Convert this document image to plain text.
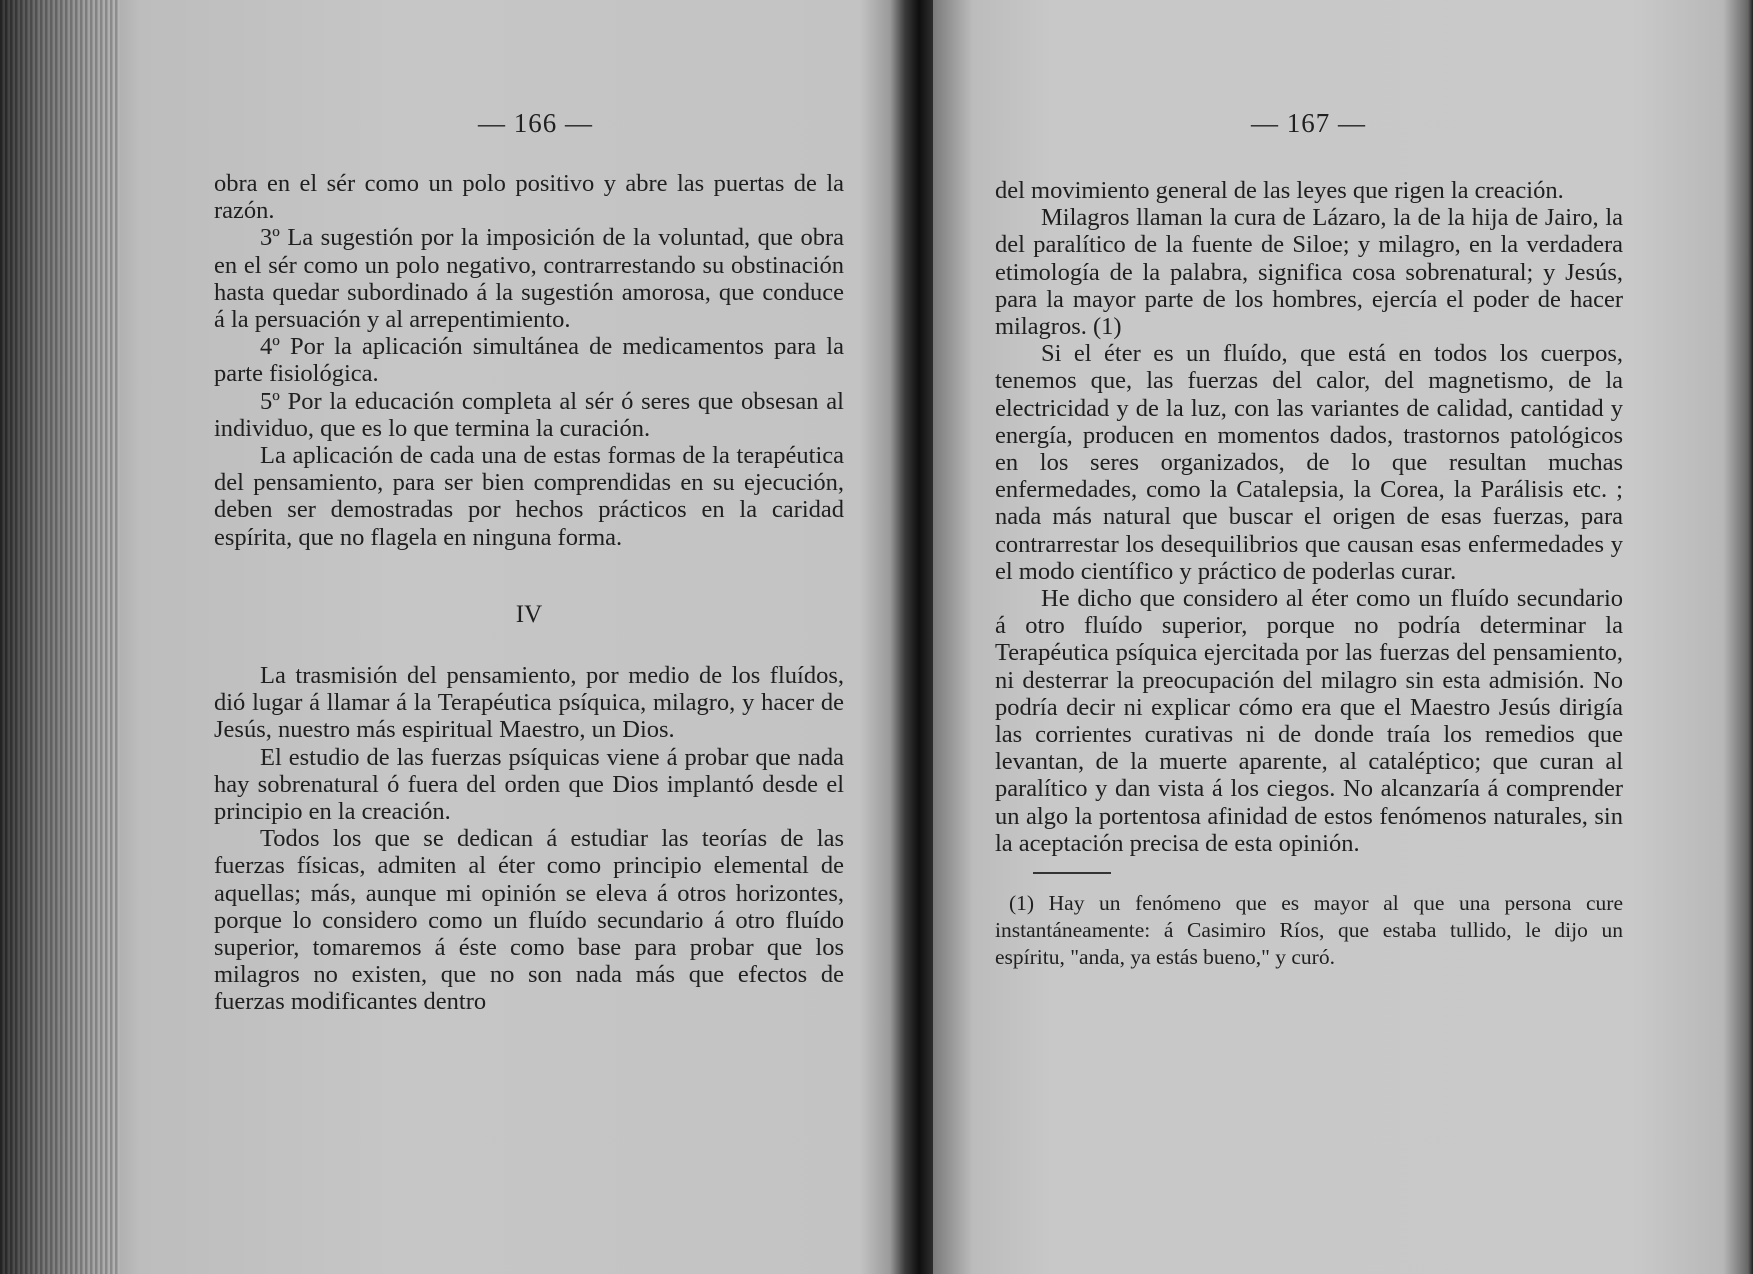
— 166 —

obra en el sér como un polo positivo y abre las puertas de la razón.

3º La sugestión por la imposición de la voluntad, que obra en el sér como un polo negativo, contrarrestando su obstinación hasta quedar subordinado á la sugestión amorosa, que conduce á la persuación y al arrepentimiento.

4º Por la aplicación simultánea de medicamentos para la parte fisiológica.

5º Por la educación completa al sér ó seres que obsesan al individuo, que es lo que termina la curación.

La aplicación de cada una de estas formas de la terapéutica del pensamiento, para ser bien comprendidas en su ejecución, deben ser demostradas por hechos prácticos en la caridad espírita, que no flagela en ninguna forma.

IV

La trasmisión del pensamiento, por medio de los fluídos, dió lugar á llamar á la Terapéutica psíquica, milagro, y hacer de Jesús, nuestro más espiritual Maestro, un Dios.

El estudio de las fuerzas psíquicas viene á probar que nada hay sobrenatural ó fuera del orden que Dios implantó desde el principio en la creación.

Todos los que se dedican á estudiar las teorías de las fuerzas físicas, admiten al éter como principio elemental de aquellas; más, aunque mi opinión se eleva á otros horizontes, porque lo considero como un fluído secundario á otro fluído superior, tomaremos á éste como base para probar que los milagros no existen, que no son nada más que efectos de fuerzas modificantes dentro

— 167 —

del movimiento general de las leyes que rigen la creación.

Milagros llaman la cura de Lázaro, la de la hija de Jairo, la del paralítico de la fuente de Siloe; y milagro, en la verdadera etimología de la palabra, significa cosa sobrenatural; y Jesús, para la mayor parte de los hombres, ejercía el poder de hacer milagros. (1)

Si el éter es un fluído, que está en todos los cuerpos, tenemos que, las fuerzas del calor, del magnetismo, de la electricidad y de la luz, con las variantes de calidad, cantidad y energía, producen en momentos dados, trastornos patológicos en los seres organizados, de lo que resultan muchas enfermedades, como la Catalepsia, la Corea, la Parálisis etc. ; nada más natural que buscar el origen de esas fuerzas, para contrarrestar los desequilibrios que causan esas enfermedades y el modo científico y práctico de poderlas curar.

He dicho que considero al éter como un fluído secundario á otro fluído superior, porque no podría determinar la Terapéutica psíquica ejercitada por las fuerzas del pensamiento, ni desterrar la preocupación del milagro sin esta admisión. No podría decir ni explicar cómo era que el Maestro Jesús dirigía las corrientes curativas ni de donde traía los remedios que levantan, de la muerte aparente, al cataléptico; que curan al paralítico y dan vista á los ciegos. No alcanzaría á comprender un algo la portentosa afinidad de estos fenómenos naturales, sin la aceptación precisa de esta opinión.

(1) Hay un fenómeno que es mayor al que una persona cure instantáneamente: á Casimiro Ríos, que estaba tullido, le dijo un espíritu, "anda, ya estás bueno," y curó.
